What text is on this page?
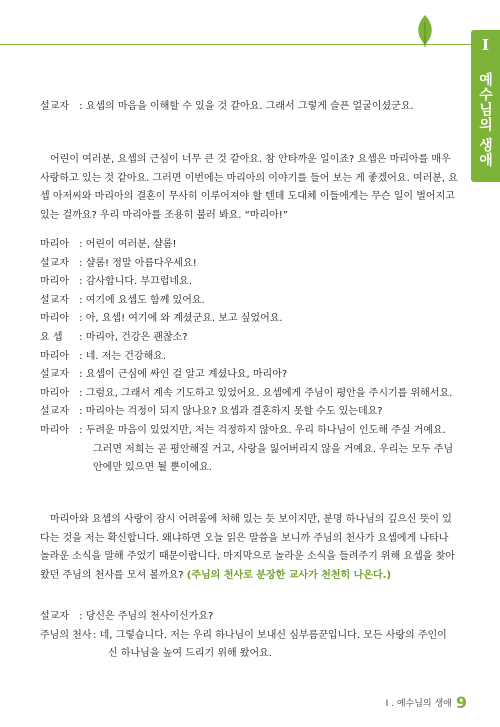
I
예수님의 생애
설교자 : 요셉의 마음을 이해할 수 있을 것 같아요. 그래서 그렇게 슬픈 얼굴이셨군요.
어린이 여러분, 요셉의 근심이 너무 큰 것 같아요. 참 안타까운 일이죠? 요셉은 마리아를 매우
사랑하고 있는 것 같아요. 그러면 이번에는 마리아의 이야기를 들어 보는 게 좋겠어요. 여러분, 요
셉 아저씨와 마리아의 결혼이 무사히 이루어져야 할 텐데 도대체 이들에게는 무슨 일이 벌어지고
있는 걸까요? 우리 마리아를 조용히 불러 봐요. “마리아!”
마리아 : 어린이 여러분, 샬롬!
설교자 : 샬롬! 정말 아름다우세요!
마리아 : 감사합니다. 부끄럽네요.
설교자 : 여기에 요셉도 함께 있어요.
마리아 : 아, 요셉! 여기에 와 계셨군요. 보고 싶었어요.
요 셉 : 마리아, 건강은 괜찮소?
마리아 : 네. 저는 건강해요.
설교자 : 요셉이 근심에 싸인 걸 알고 계셨나요, 마리아?
마리아 : 그럼요, 그래서 계속 기도하고 있었어요. 요셉에게 주님이 평안을 주시기를 위해서요.
설교자 : 마리아는 걱정이 되지 않나요? 요셉과 결혼하지 못할 수도 있는데요?
마리아 : 두려운 마음이 있었지만, 저는 걱정하지 않아요. 우리 하나님이 인도해 주실 거예요.
그러면 저희는 곧 평안해질 거고, 사랑을 잃어버리지 않을 거예요. 우리는 모두 주님
안에만 있으면 될 뿐이에요.
마리아와 요셉의 사랑이 잠시 어려움에 처해 있는 듯 보이지만, 분명 하나님의 깊으신 뜻이 있
다는 것을 저는 확신합니다. 왜냐하면 오늘 읽은 말씀을 보니까 주님의 천사가 요셉에게 나타나
놀라운 소식을 말해 주었기 때문이랍니다. 마지막으로 놀라운 소식을 들려주기 위해 요셉을 찾아
왔던 주님의 천사를 모셔 볼까요? (주님의 천사로 분장한 교사가 천천히 나온다.)
설교자 : 당신은 주님의 천사이신가요?
주님의 천사 : 네, 그렇습니다. 저는 우리 하나님이 보내신 심부름꾼입니다. 모든 사랑의 주인이
신 하나님을 높여 드리기 위해 왔어요.
I . 예수님의 생애 9
